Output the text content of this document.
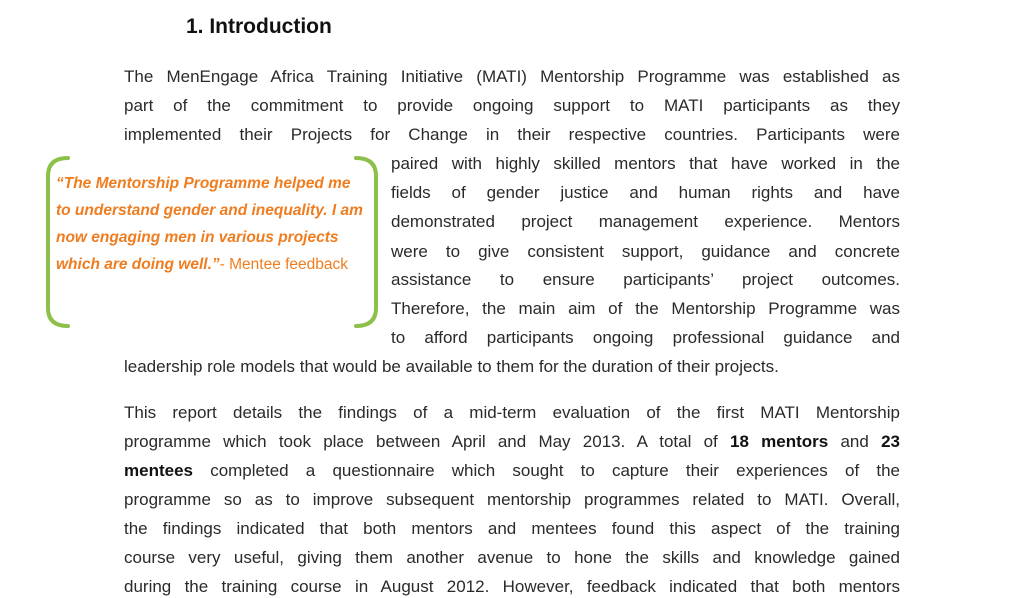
1. Introduction
The MenEngage Africa Training Initiative (MATI) Mentorship Programme was established as
part of the commitment to provide ongoing support to MATI participants as they
implemented their Projects for Change in their respective countries. Participants were
paired with highly skilled mentors that have worked in the
fields of gender justice and human rights and have
demonstrated project management experience. Mentors
were to give consistent support, guidance and concrete
assistance to ensure participants’ project outcomes.
Therefore, the main aim of the Mentorship Programme was
to afford participants ongoing professional guidance and
leadership role models that would be available to them for the duration of their projects.
“The Mentorship Programme helped me to understand gender and inequality. I am now engaging men in various projects which are doing well.”- Mentee feedback
This report details the findings of a mid-term evaluation of the first MATI Mentorship
programme which took place between April and May 2013. A total of 18 mentors and 23
mentees completed a questionnaire which sought to capture their experiences of the
programme so as to improve subsequent mentorship programmes related to MATI. Overall,
the findings indicated that both mentors and mentees found this aspect of the training
course very useful, giving them another avenue to hone the skills and knowledge gained
during the training course in August 2012. However, feedback indicated that both mentors
